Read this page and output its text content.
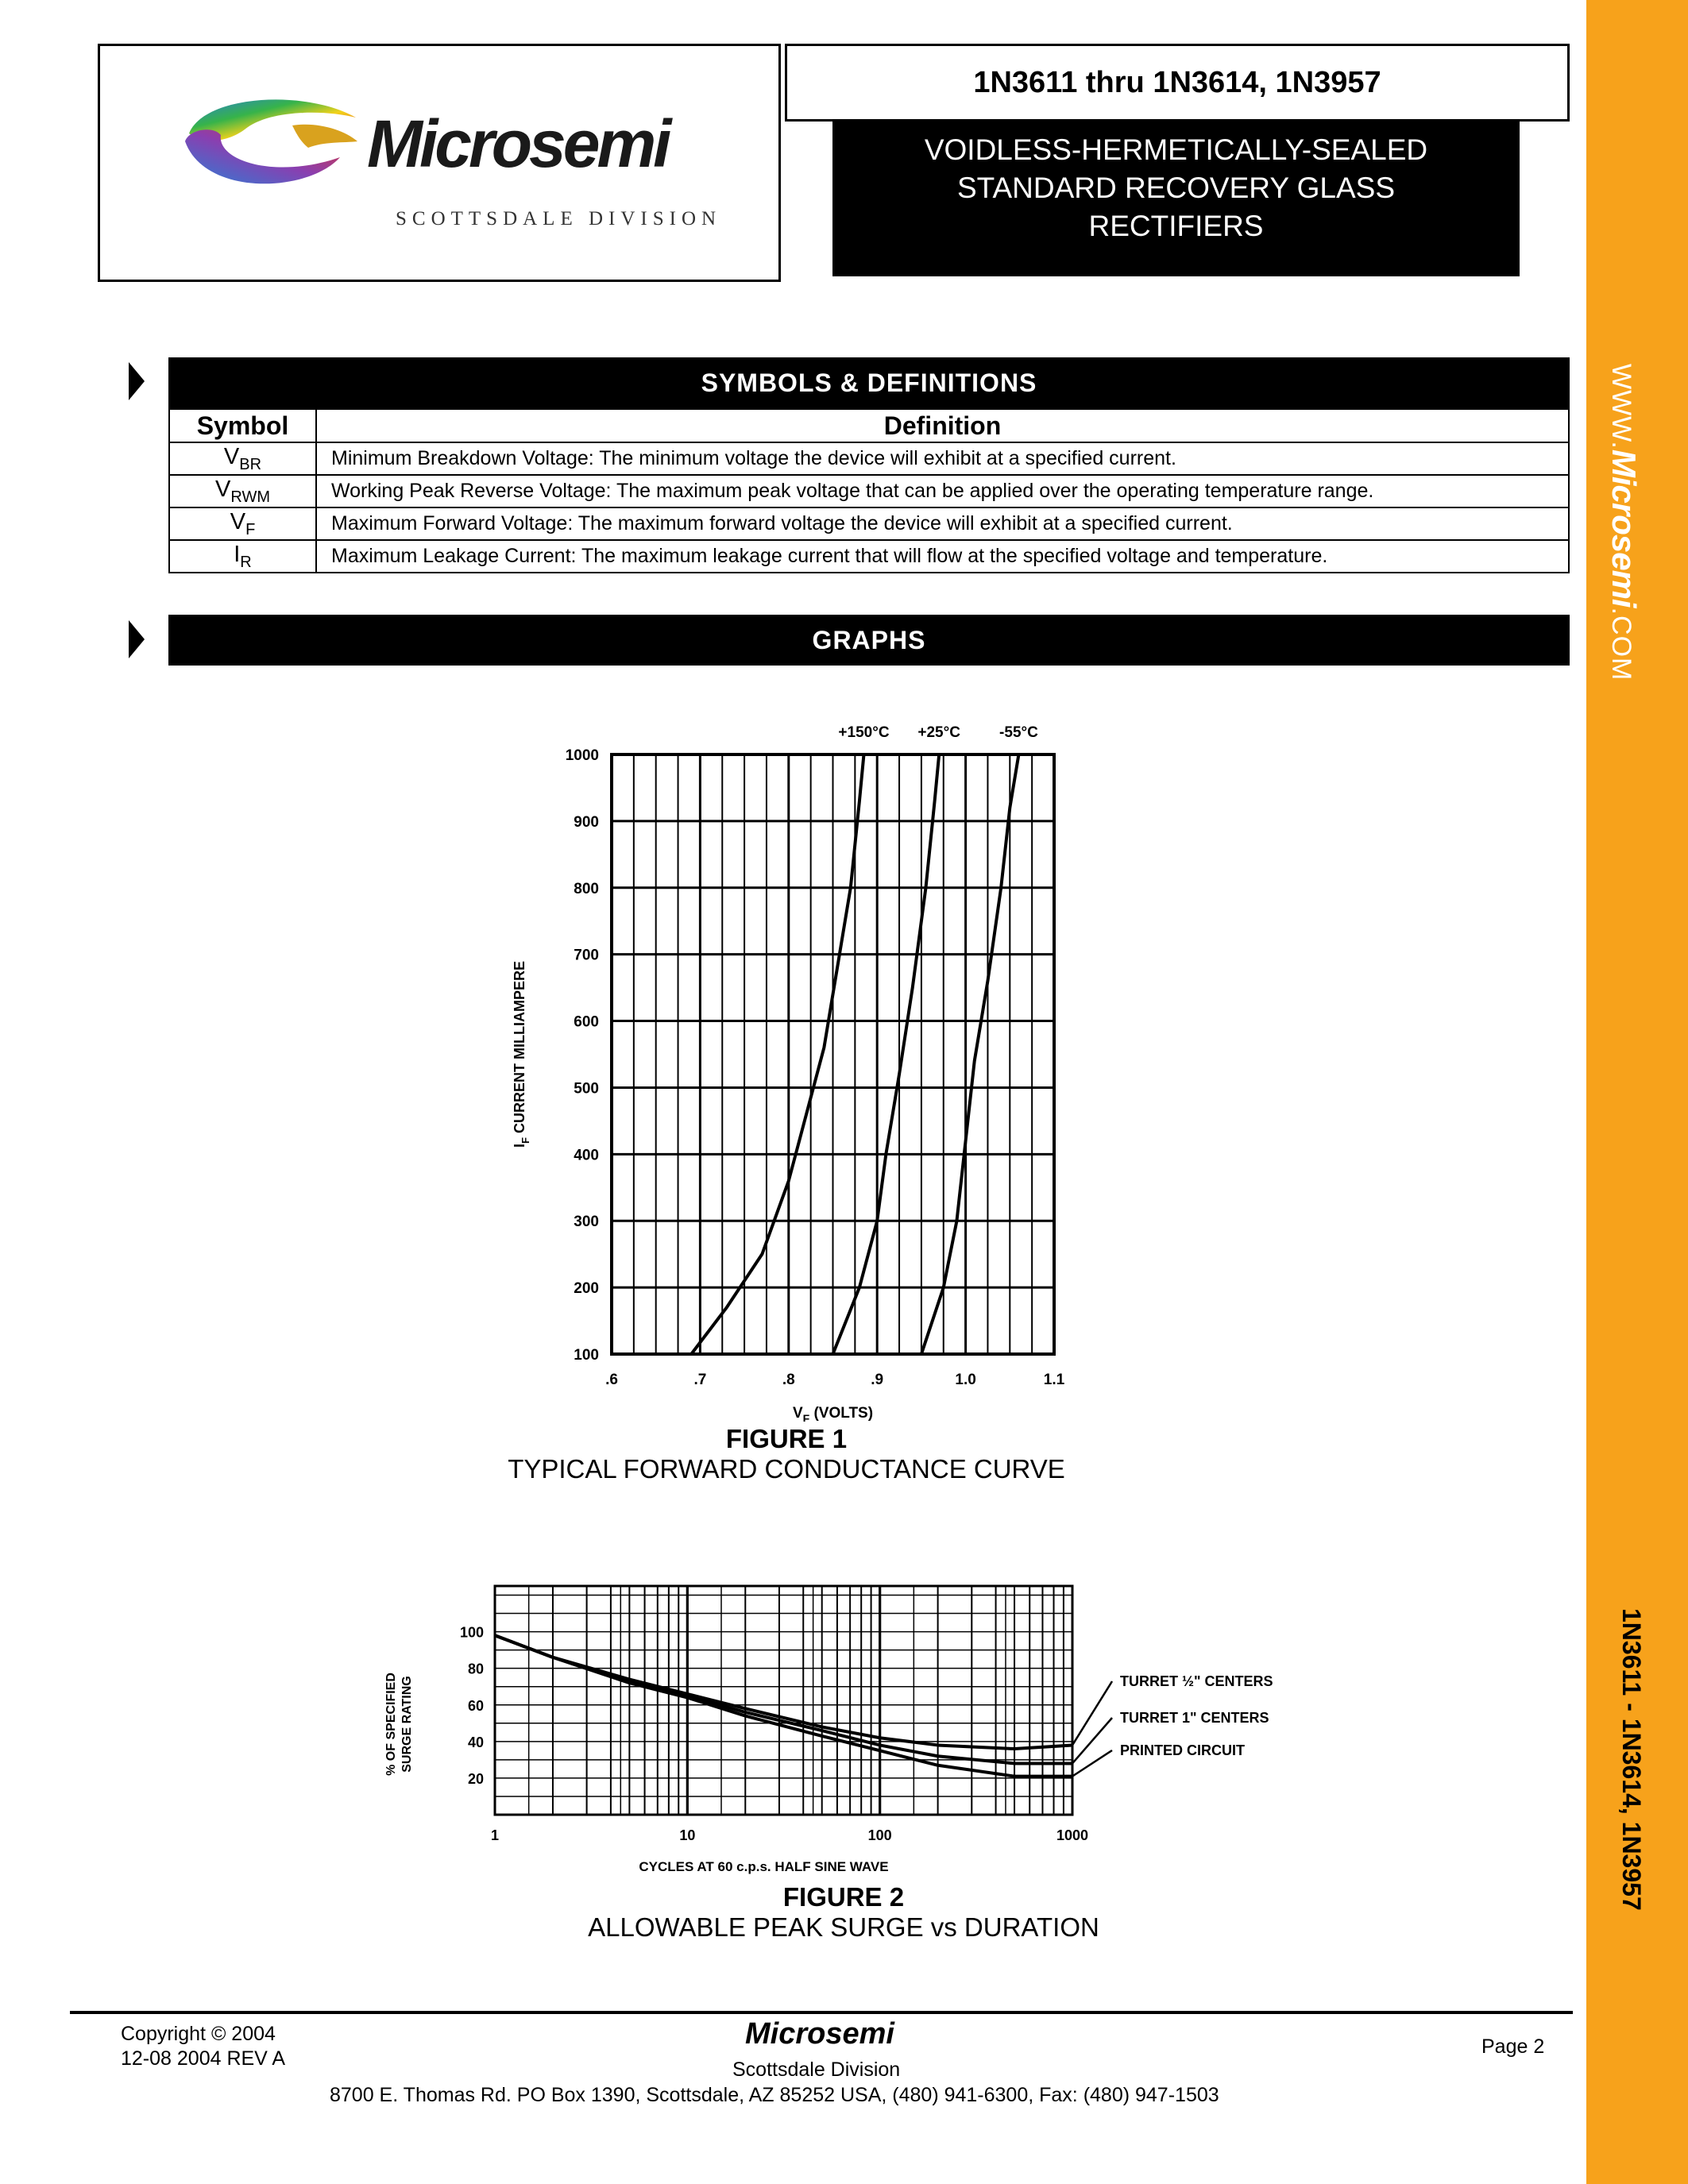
WWW.Microsemi.COM
1N3611 - 1N3614, 1N3957
Microsemi
SCOTTSDALE DIVISION
1N3611 thru 1N3614, 1N3957
VOIDLESS-HERMETICALLY-SEALED
STANDARD RECOVERY GLASS
RECTIFIERS
SYMBOLS & DEFINITIONS
Symbol	Definition
$V_{BR}$	Minimum Breakdown Voltage: The minimum voltage the device will exhibit at a specified current.
$V_{RWM}$	Working Peak Reverse Voltage: The maximum peak voltage that can be applied over the operating temperature range.
$V_F$	Maximum Forward Voltage: The maximum forward voltage the device will exhibit at a specified current.
$I_R$	Maximum Leakage Current: The maximum leakage current that will flow at the specified voltage and temperature.
GRAPHS
100
200
300
400
500
600
700
800
900
1000
.6	.7	.8	.9	1.0	1.1
$V_F$ (VOLTS)
$I_F$ CURRENT MILLIAMPERE
+150°C +25°C	-55°C
FIGURE 1
TYPICAL FORWARD CONDUCTANCE CURVE
20
40
60
80
100
1	10	100	1000
CYCLES AT 60 c.p.s. HALF SINE WAVE
% OF SPECIFIED SURGE RATING	TURRET ½" CENTERS
TURRET 1" CENTERS
PRINTED CIRCUIT
FIGURE 2
ALLOWABLE PEAK SURGE vs DURATION
Copyright © 2004
12-08 2004 REV A
Microsemi
Scottsdale Division
8700 E. Thomas Rd. PO Box 1390, Scottsdale, AZ 85252 USA, (480) 941-6300, Fax: (480) 947-1503
Page 2
